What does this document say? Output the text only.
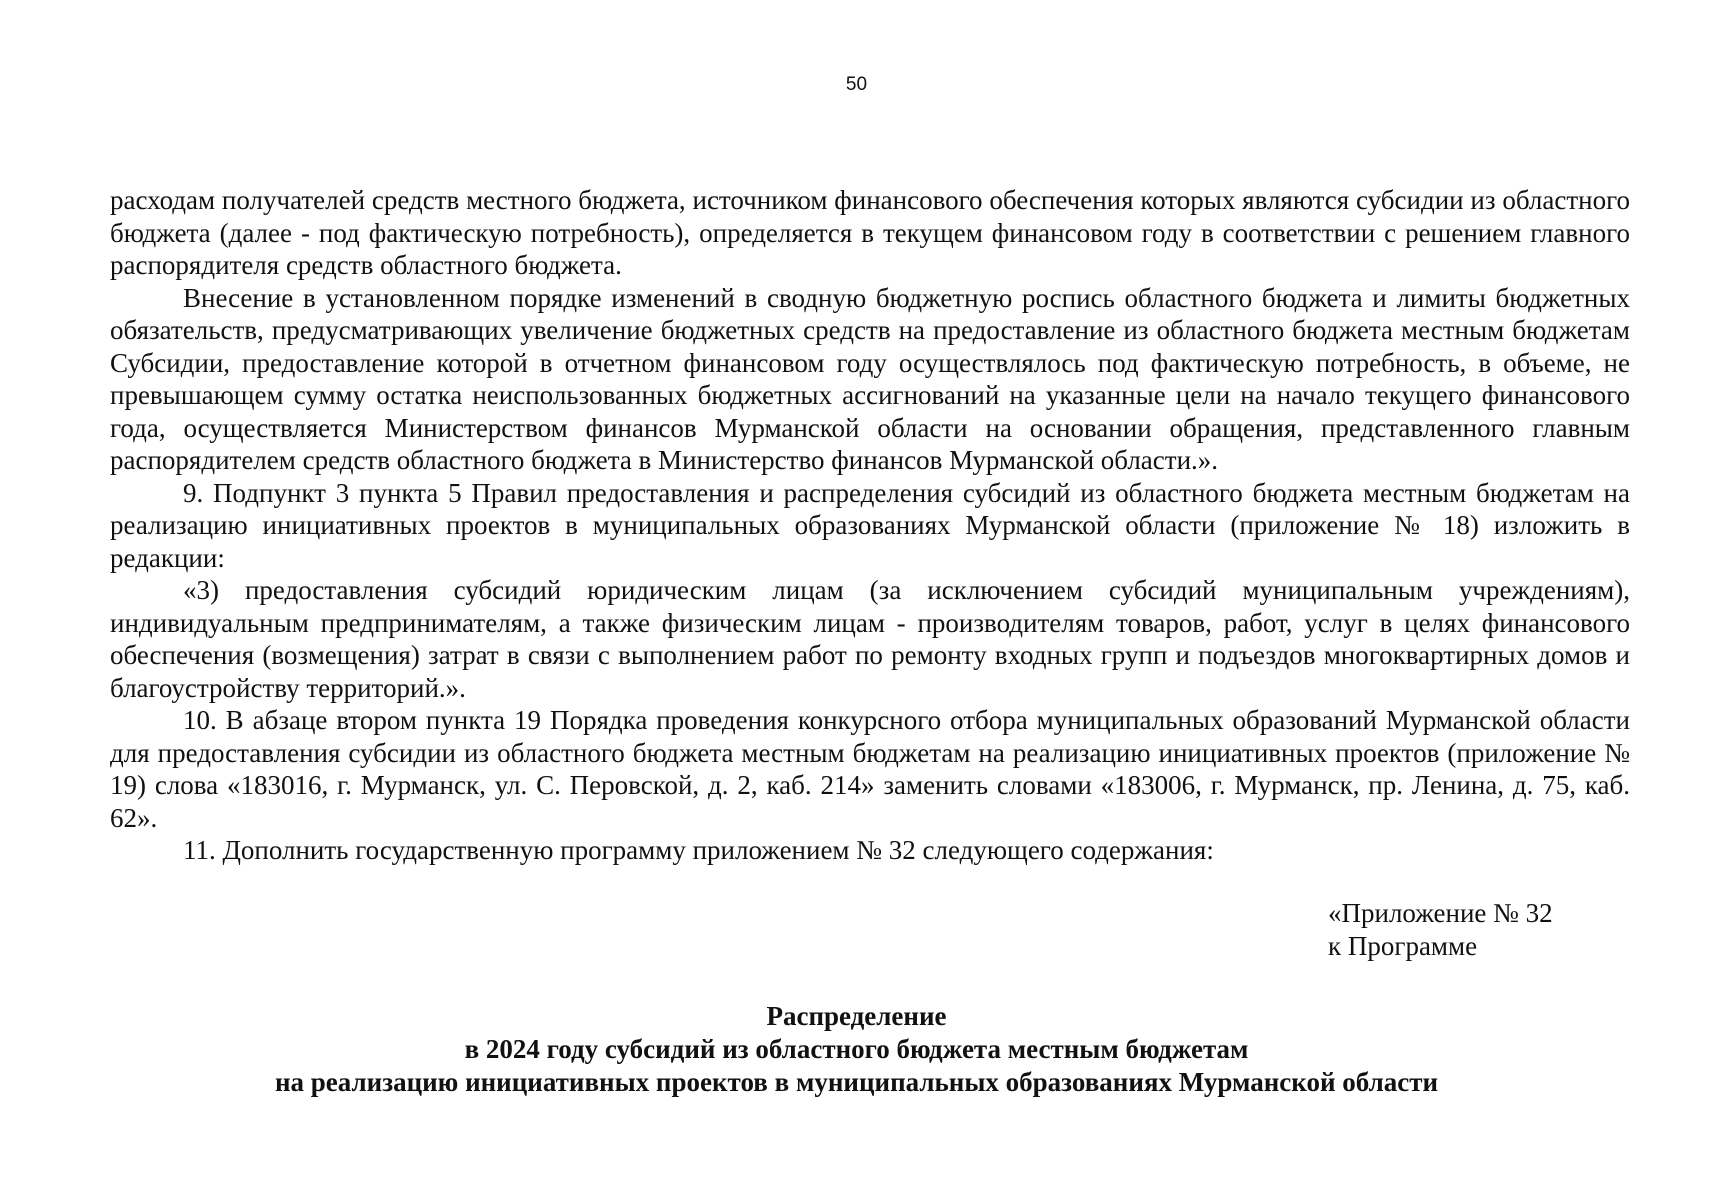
50

расходам получателей средств местного бюджета, источником финансового обеспечения которых являются субсидии из областного бюджета (далее - под фактическую потребность), определяется в текущем финансовом году в соответствии с решением главного распорядителя средств областного бюджета.

Внесение в установленном порядке изменений в сводную бюджетную роспись областного бюджета и лимиты бюджетных обязательств, предусматривающих увеличение бюджетных средств на предоставление из областного бюджета местным бюджетам Субсидии, предоставление которой в отчетном финансовом году осуществлялось под фактическую потребность, в объеме, не превышающем сумму остатка неиспользованных бюджетных ассигнований на указанные цели на начало текущего финансового года, осуществляется Министерством финансов Мурманской области на основании обращения, представленного главным распорядителем средств областного бюджета в Министерство финансов Мурманской области.».

9. Подпункт 3 пункта 5 Правил предоставления и распределения субсидий из областного бюджета местным бюджетам на реализацию инициативных проектов в муниципальных образованиях Мурманской области (приложение № 18) изложить в редакции:

«3) предоставления субсидий юридическим лицам (за исключением субсидий муниципальным учреждениям), индивидуальным предпринимателям, а также физическим лицам - производителям товаров, работ, услуг в целях финансового обеспечения (возмещения) затрат в связи с выполнением работ по ремонту входных групп и подъездов многоквартирных домов и благоустройству территорий.».

10. В абзаце втором пункта 19 Порядка проведения конкурсного отбора муниципальных образований Мурманской области для предоставления субсидии из областного бюджета местным бюджетам на реализацию инициативных проектов (приложение № 19) слова «183016, г. Мурманск, ул. С. Перовской, д. 2, каб. 214» заменить словами «183006, г. Мурманск, пр. Ленина, д. 75, каб. 62».

11. Дополнить государственную программу приложением № 32 следующего содержания:

«Приложение № 32
к Программе
Распределение
в 2024 году субсидий из областного бюджета местным бюджетам
на реализацию инициативных проектов в муниципальных образованиях Мурманской области
